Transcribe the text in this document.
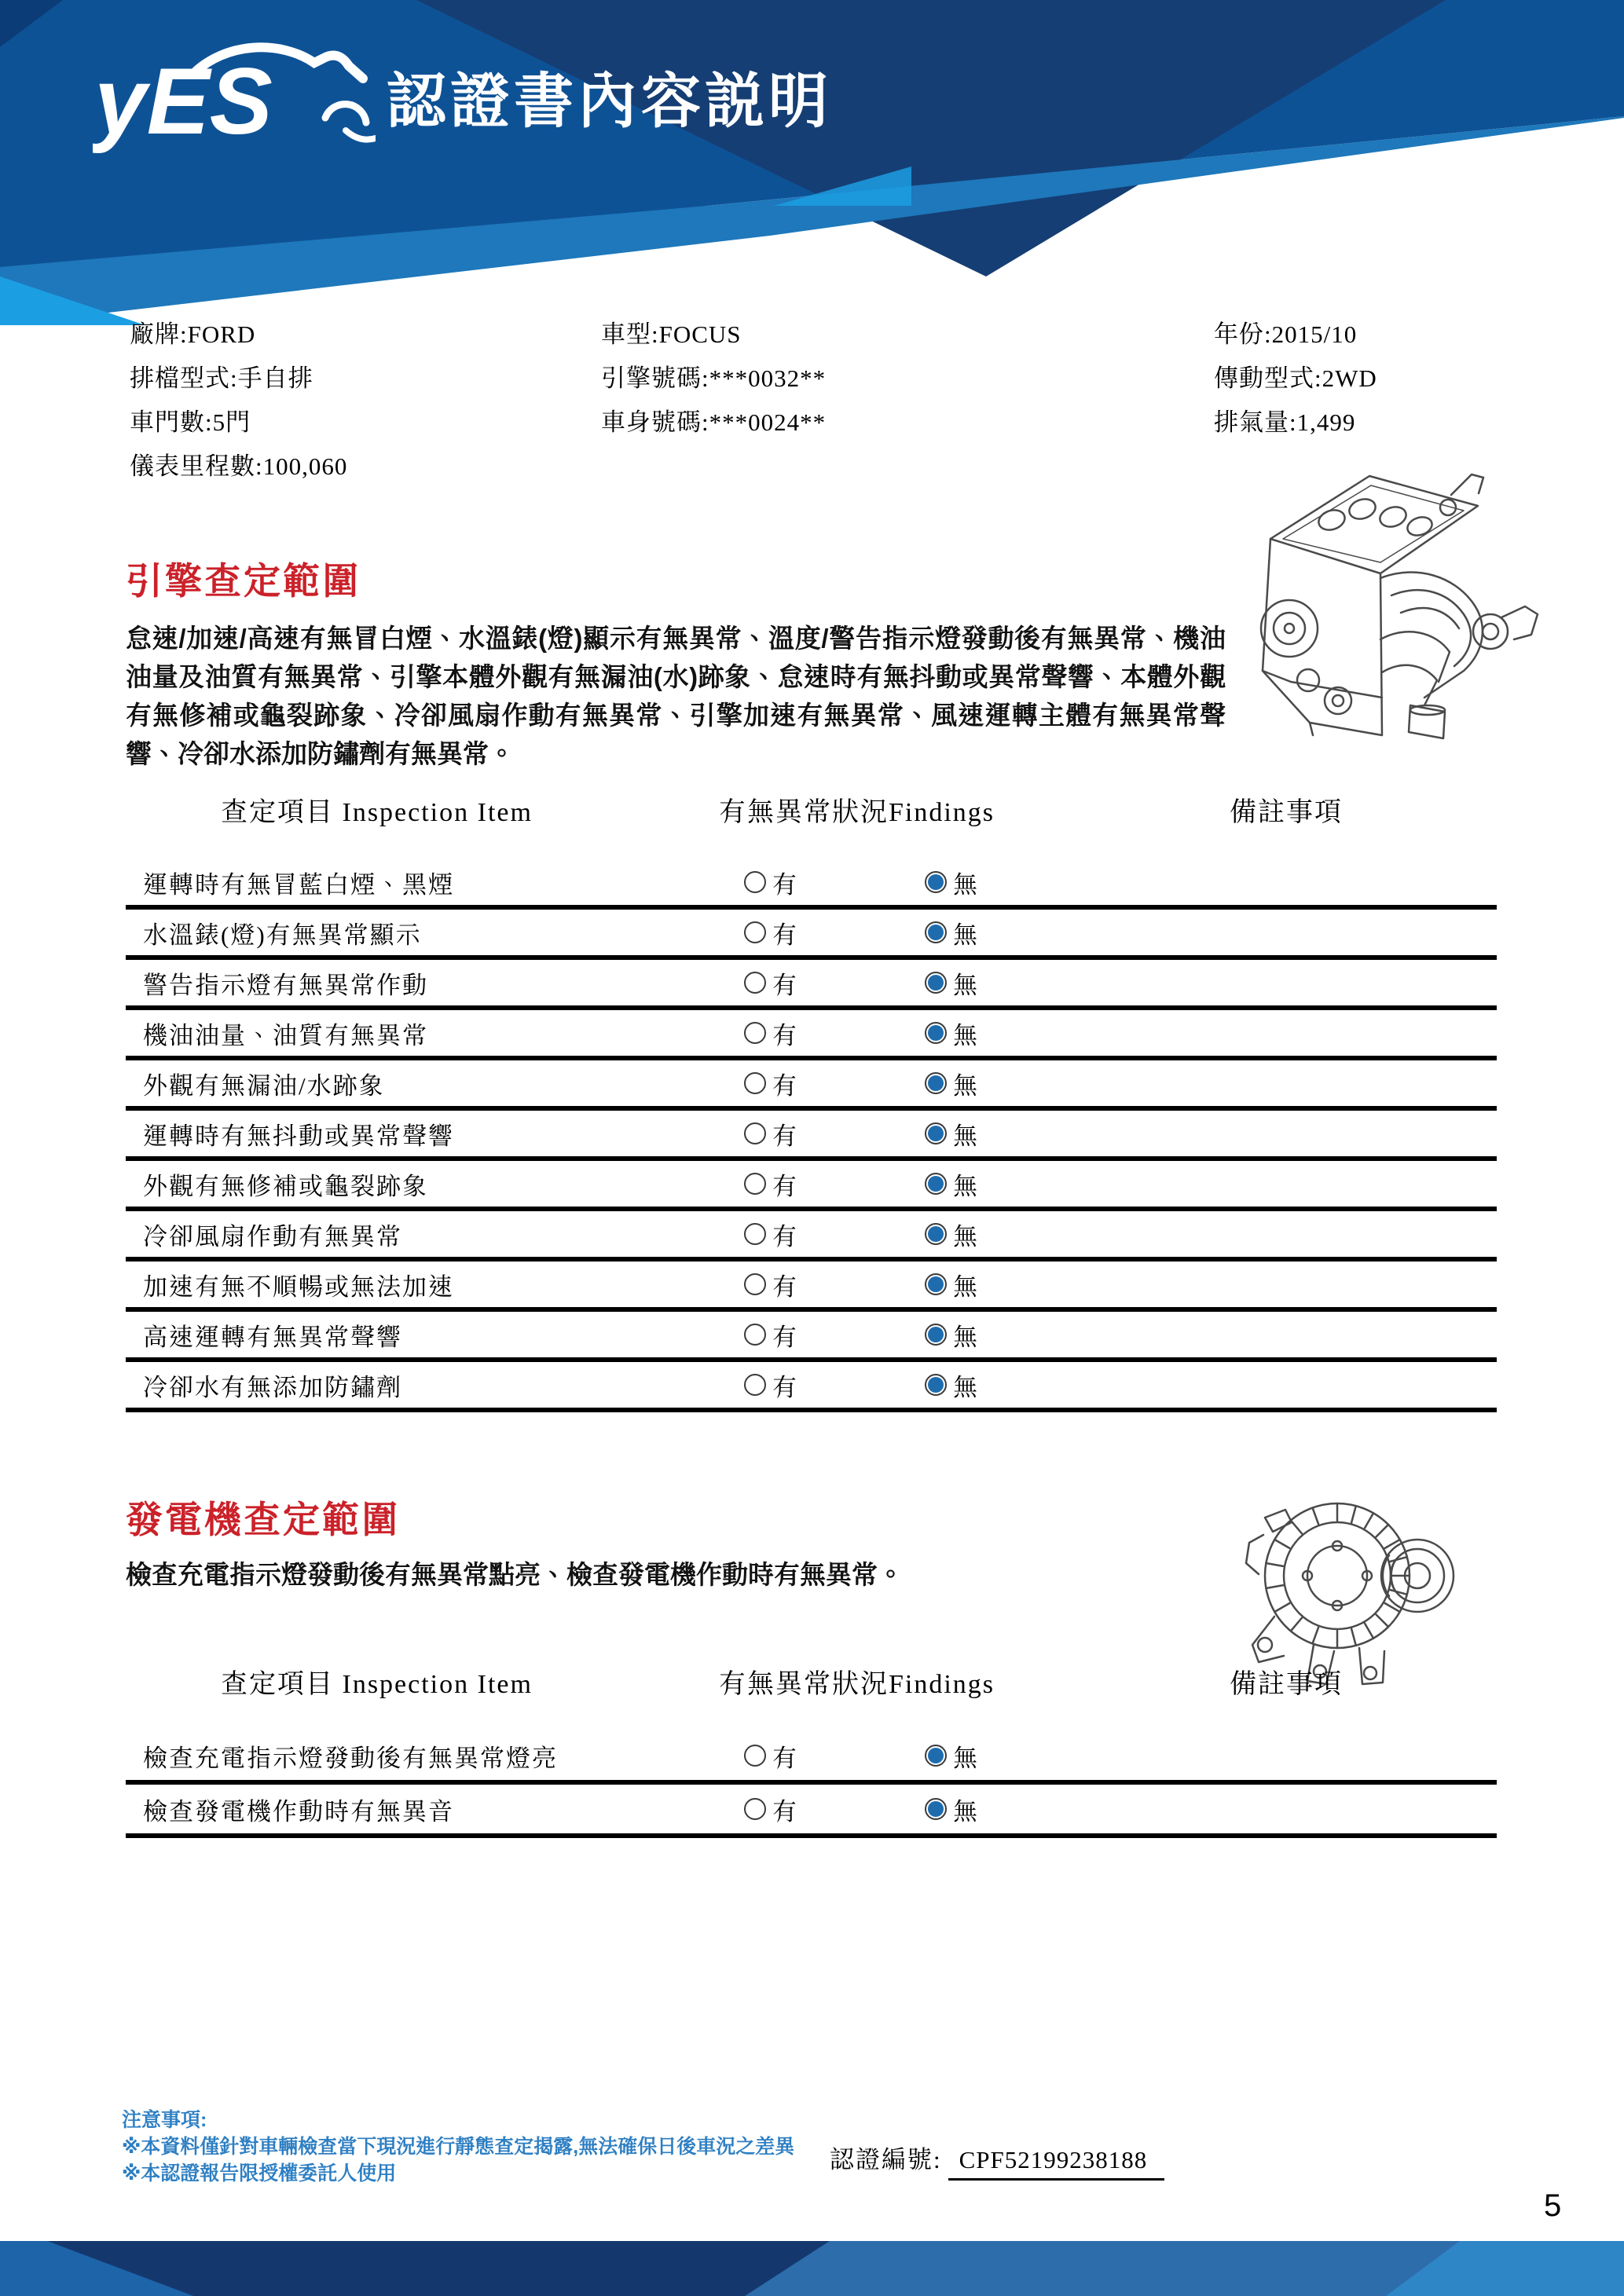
yES 認證書內容説明
廠牌:FORD
排檔型式:手自排
車門數:5門
儀表里程數:100,060
車型:FOCUS
引擎號碼:***0032**
車身號碼:***0024**
年份:2015/10
傳動型式:2WD
排氣量:1,499
引擎查定範圍
怠速/加速/高速有無冒白煙、水溫錶(燈)顯示有無異常、溫度/警告指示燈發動後有無異常、機油油量及油質有無異常、引擎本體外觀有無漏油(水)跡象、怠速時有無抖動或異常聲響、本體外觀有無修補或龜裂跡象、冷卻風扇作動有無異常、引擎加速有無異常、風速運轉主體有無異常聲響、冷卻水添加防鏽劑有無異常。
查定項目 Inspection Item	有無異常狀況Findings	備註事項
運轉時有無冒藍白煙、黑煙	有	無
水溫錶(燈)有無異常顯示	有	無
警告指示燈有無異常作動	有	無
機油油量、油質有無異常	有	無
外觀有無漏油/水跡象	有	無
運轉時有無抖動或異常聲響	有	無
外觀有無修補或龜裂跡象	有	無
冷卻風扇作動有無異常	有	無
加速有無不順暢或無法加速	有	無
高速運轉有無異常聲響	有	無
冷卻水有無添加防鏽劑	有	無
發電機查定範圍
檢查充電指示燈發動後有無異常點亮、檢查發電機作動時有無異常。
查定項目 Inspection Item	有無異常狀況Findings	備註事項
檢查充電指示燈發動後有無異常燈亮	有	無
檢查發電機作動時有無異音	有	無
注意事項:
※本資料僅針對車輛檢查當下現況進行靜態查定揭露,無法確保日後車況之差異
※本認證報告限授權委託人使用	認證編號: CPF52199238188
5
